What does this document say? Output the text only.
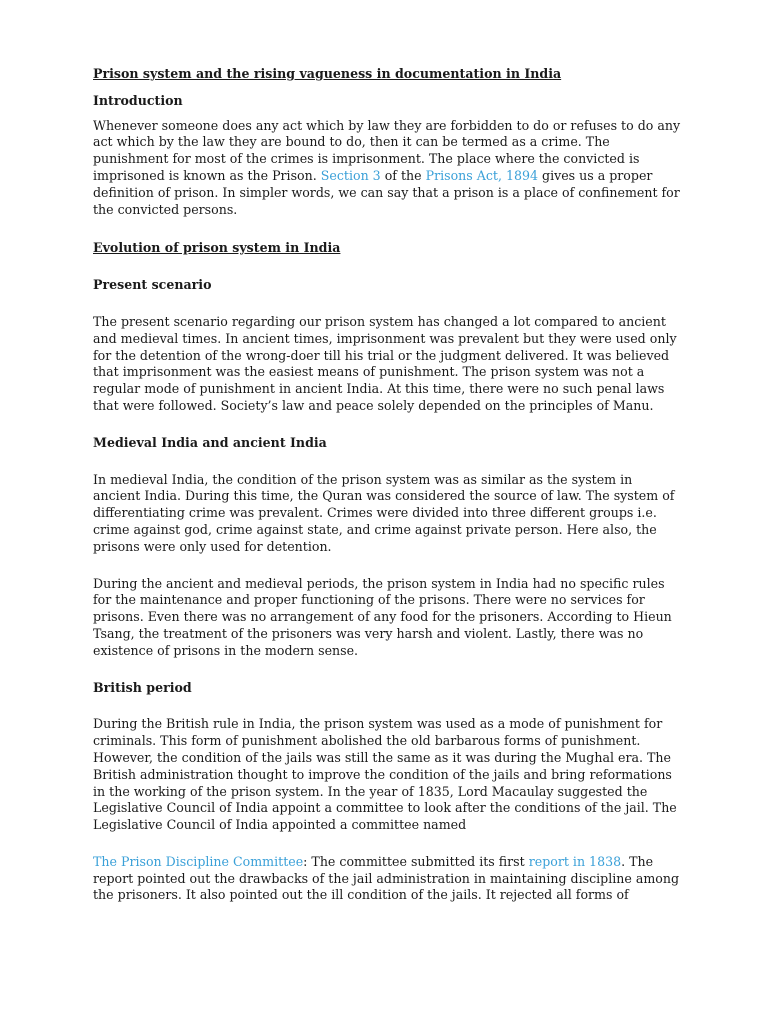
Prison system and the rising vagueness in documentation in India

Introduction

Whenever someone does any act which by law they are forbidden to do or refuses to do any act which by the law they are bound to do, then it can be termed as a crime. The punishment for most of the crimes is imprisonment. The place where the convicted is imprisoned is known as the Prison. Section 3 of the Prisons Act, 1894 gives us a proper definition of prison. In simpler words, we can say that a prison is a place of confinement for the convicted persons.

Evolution of prison system in India

Present scenario

The present scenario regarding our prison system has changed a lot compared to ancient and medieval times. In ancient times, imprisonment was prevalent but they were used only for the detention of the wrong-doer till his trial or the judgment delivered. It was believed that imprisonment was the easiest means of punishment. The prison system was not a regular mode of punishment in ancient India. At this time, there were no such penal laws that were followed. Society’s law and peace solely depended on the principles of Manu.

Medieval India and ancient India

In medieval India, the condition of the prison system was as similar as the system in ancient India. During this time, the Quran was considered the source of law. The system of differentiating crime was prevalent. Crimes were divided into three different groups i.e. crime against god, crime against state, and crime against private person. Here also, the prisons were only used for detention.

During the ancient and medieval periods, the prison system in India had no specific rules for the maintenance and proper functioning of the prisons. There were no services for prisons. Even there was no arrangement of any food for the prisoners. According to Hieun Tsang, the treatment of the prisoners was very harsh and violent. Lastly, there was no existence of prisons in the modern sense.

British period

During the British rule in India, the prison system was used as a mode of punishment for criminals. This form of punishment abolished the old barbarous forms of punishment. However, the condition of the jails was still the same as it was during the Mughal era. The British administration thought to improve the condition of the jails and bring reformations in the working of the prison system. In the year of 1835, Lord Macaulay suggested the Legislative Council of India appoint a committee to look after the conditions of the jail. The Legislative Council of India appointed a committee named

The Prison Discipline Committee: The committee submitted its first report in 1838. The report pointed out the drawbacks of the jail administration in maintaining discipline among the prisoners. It also pointed out the ill condition of the jails. It rejected all forms of
